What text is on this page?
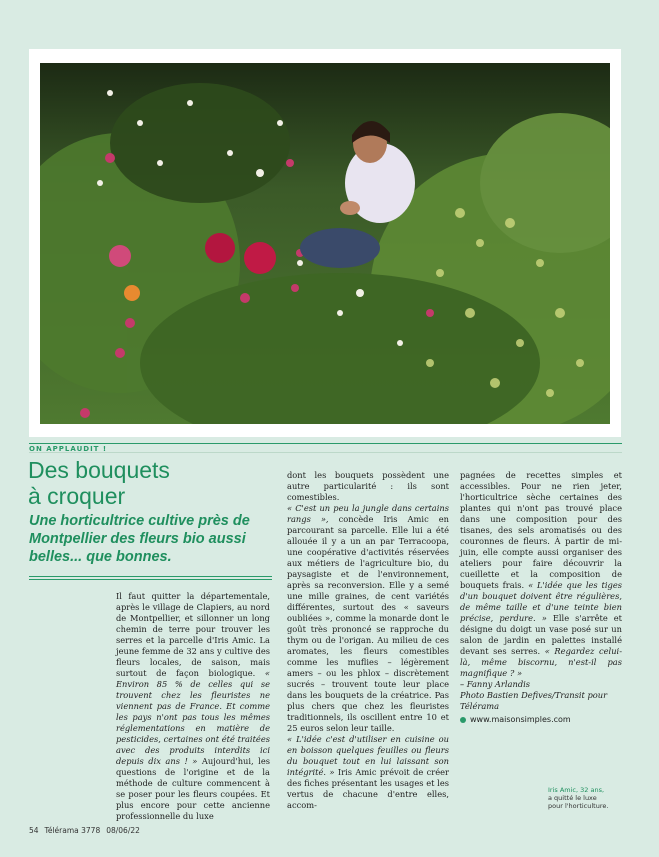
ON APPLAUDIT !
Des bouquets
à croquer
Une horticultrice cultive près de Montpellier des fleurs bio aussi belles... que bonnes.

Il faut quitter la départementale, après le village de Clapiers, au nord de Montpellier, et sillonner un long chemin de terre pour trouver les serres et la parcelle d'Iris Amic. La jeune femme de 32 ans y cultive des fleurs locales, de saison, mais surtout de façon biologique. « Environ 85 % de celles qui se trouvent chez les fleuristes ne viennent pas de France. Et comme les pays n'ont pas tous les mêmes réglementations en matière de pesticides, certaines ont été traitées avec des produits interdits ici depuis dix ans ! » Aujourd'hui, les questions de l'origine et de la méthode de culture commencent à se poser pour les fleurs coupées. Et plus encore pour cette ancienne professionnelle du luxe

dont les bouquets possèdent une autre particularité : ils sont comestibles.

« C'est un peu la jungle dans certains rangs », concède Iris Amic en parcourant sa parcelle. Elle lui a été allouée il y a un an par Terracoopa, une coopérative d'activités réservées aux métiers de l'agriculture bio, du paysagiste et de l'environnement, après sa reconversion. Elle y a semé une mille graines, de cent variétés différentes, surtout des « saveurs oubliées », comme la monarde dont le goût très prononcé se rapproche du thym ou de l'origan. Au milieu de ces aromates, les fleurs comestibles comme les muflies – légèrement amers – ou les phlox – discrètement sucrés – trouvent toute leur place dans les bouquets de la créatrice. Pas plus chers que chez les fleuristes traditionnels, ils oscillent entre 10 et 25 euros selon leur taille.

« L'idée c'est d'utiliser en cuisine ou en boisson quelques feuilles ou fleurs du bouquet tout en lui laissant son intégrité. » Iris Amic prévoit de créer des fiches présentant les usages et les vertus de chacune d'entre elles, accom-

pagnées de recettes simples et accessibles. Pour ne rien jeter, l'horticultrice sèche certaines des plantes qui n'ont pas trouvé place dans une composition pour des tisanes, des sels aromatisés ou des couronnes de fleurs. À partir de mi-juin, elle compte aussi organiser des ateliers pour faire découvrir la cueillette et la composition de bouquets frais. « L'idée que les tiges d'un bouquet doivent être régulières, de même taille et d'une teinte bien précise, perdure. » Elle s'arrête et désigne du doigt un vase posé sur un salon de jardin en palettes installé devant ses serres. « Regardez celui-là, même biscornu, n'est-il pas magnifique ? »

– Fanny Arlandis
Photo Bastien Defives/Transit pour Télérama
www.maisonsimples.com
Iris Amic, 32 ans,
a quitté le luxe
pour l'horticulture.
54 Télérama 3778 08/06/22
